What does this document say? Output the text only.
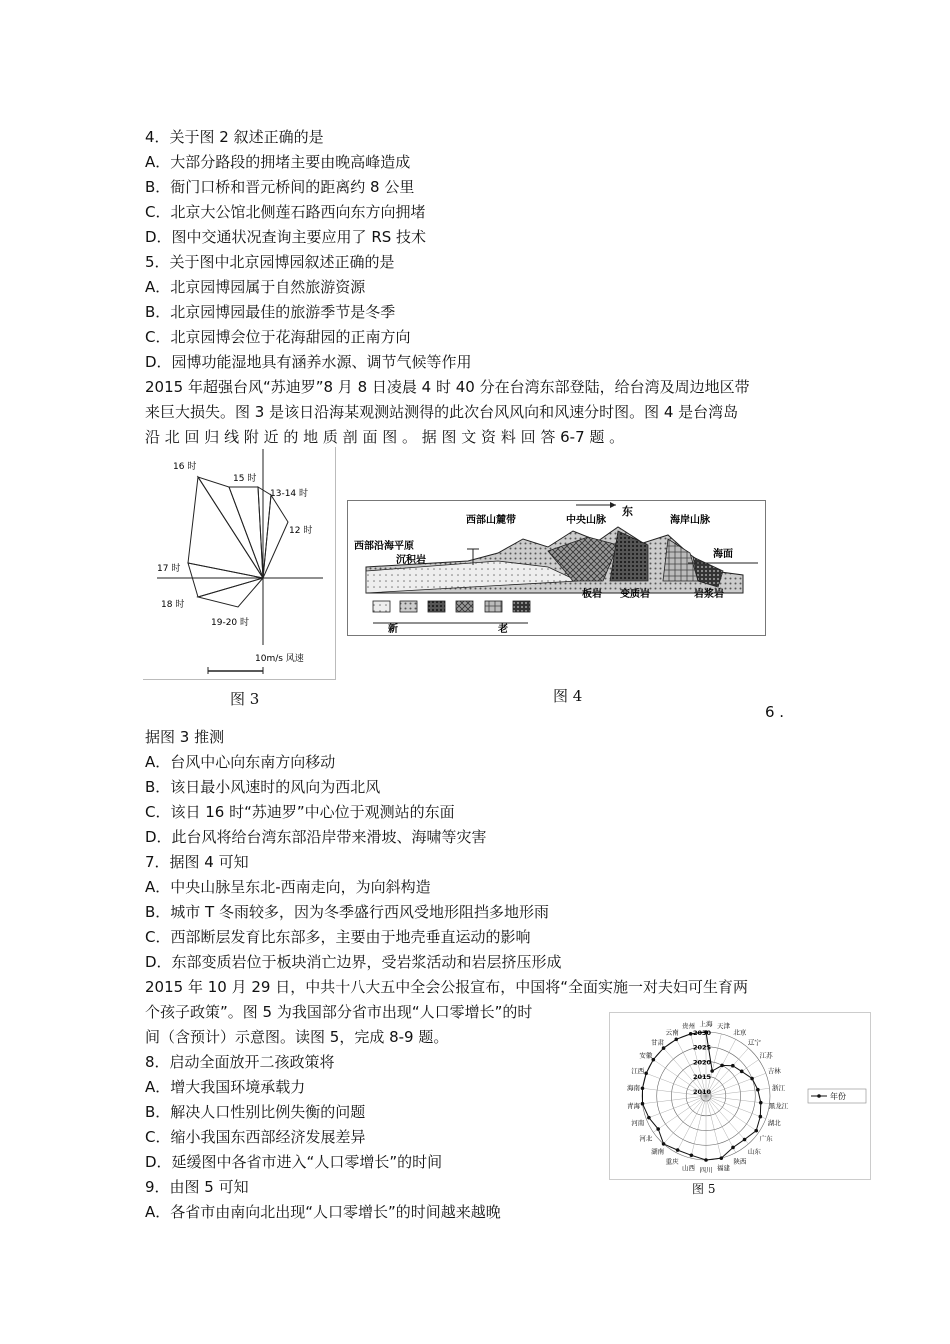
4．关于图 2 叙述正确的是
A．大部分路段的拥堵主要由晚高峰造成
B．衙门口桥和晋元桥间的距离约 8 公里
C．北京大公馆北侧莲石路西向东方向拥堵
D．图中交通状况查询主要应用了 RS 技术
5．关于图中北京园博园叙述正确的是
A．北京园博园属于自然旅游资源
B．北京园博园最佳的旅游季节是冬季
C．北京园博会位于花海甜园的正南方向
D．园博功能湿地具有涵养水源、调节气候等作用
2015 年超强台风“苏迪罗”8 月 8 日凌晨 4 时 40 分在台湾东部登陆，给台湾及周边地区带
来巨大损失。图 3 是该日沿海某观测站测得的此次台风风向和风速分时图。图 4 是台湾岛
沿 北 回 归 线 附 近 的 地 质 剖 面 图 。 据 图 文 资 料 回 答 6-7 题 。
16 时
15 时
13-14 时
12 时
17 时
18 时
19-20 时
10m/s 风速
图 3
东
西部山麓带	中央山脉	海岸山脉
西部沿海平原
沉积岩
海面
板岩 变质岩	岩浆岩
新	老
图 4
6 .
据图 3 推测
A．台风中心向东南方向移动
B．该日最小风速时的风向为西北风
C．该日 16 时“苏迪罗”中心位于观测站的东面
D．此台风将给台湾东部沿岸带来滑坡、海啸等灾害
7．据图 4 可知
A．中央山脉呈东北-西南走向，为向斜构造
B．城市 T 冬雨较多，因为冬季盛行西风受地形阻挡多地形雨
C．西部断层发育比东部多，主要由于地壳垂直运动的影响
D．东部变质岩位于板块消亡边界，受岩浆活动和岩层挤压形成
2015 年 10 月 29 日，中共十八大五中全会公报宣布，中国将“全面实施一对夫妇可生育两
个孩子政策”。图 5 为我国部分省市出现“人口零增长”的时
间（含预计）示意图。读图 5，完成 8-9 题。
8．启动全面放开二孩政策将
A．增大我国环境承载力
B．解决人口性别比例失衡的问题
C．缩小我国东西部经济发展差异
D．延缓图中各省市进入“人口零增长”的时间
9．由图 5 可知
A．各省市由南向北出现“人口零增长”的时间越来越晚
上海 天津
北京
辽宁
江苏
吉林
浙江
黑龙江
湖北
广东
山东
陕西
福建
四川
山西
重庆
湖南
河北
河南
青海
海南
江西
安徽
甘肃
云南
贵州
2030
2025
2020
2015
2010
年份
图 5
